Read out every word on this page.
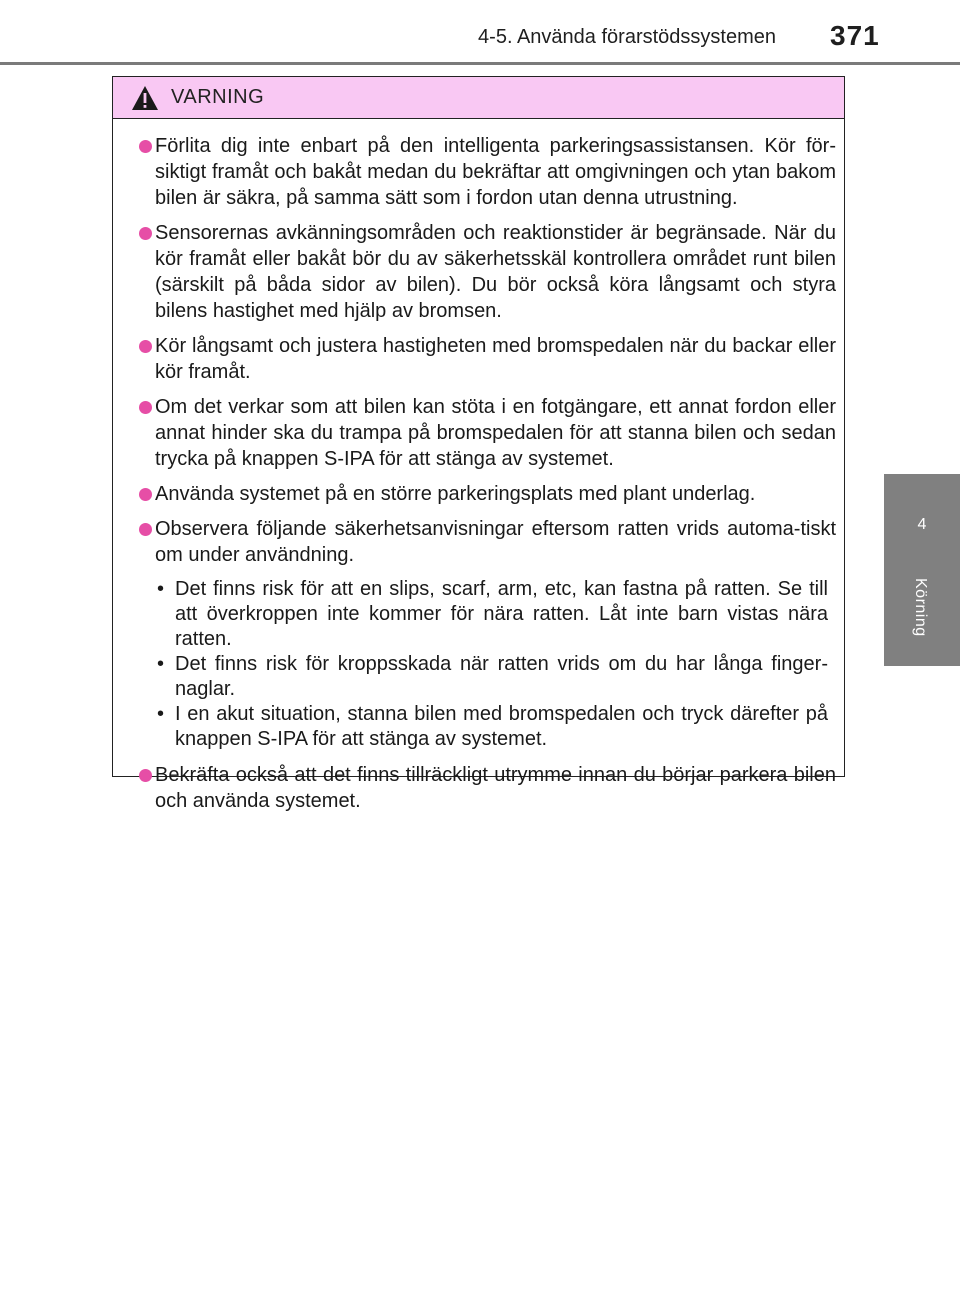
4-5. Använda förarstödssystemen 371
4
Körning
VARNING
Förlita dig inte enbart på den intelligenta parkeringsassistansen. Kör för-siktigt framåt och bakåt medan du bekräftar att omgivningen och ytan bakom bilen är säkra, på samma sätt som i fordon utan denna utrustning.
Sensorernas avkänningsområden och reaktionstider är begränsade. När du kör framåt eller bakåt bör du av säkerhetsskäl kontrollera området runt bilen (särskilt på båda sidor av bilen). Du bör också köra långsamt och styra bilens hastighet med hjälp av bromsen.
Kör långsamt och justera hastigheten med bromspedalen när du backar eller kör framåt.
Om det verkar som att bilen kan stöta i en fotgängare, ett annat fordon eller annat hinder ska du trampa på bromspedalen för att stanna bilen och sedan trycka på knappen S-IPA för att stänga av systemet.
Använda systemet på en större parkeringsplats med plant underlag.
Observera följande säkerhetsanvisningar eftersom ratten vrids automa-tiskt om under användning.
• Det finns risk för att en slips, scarf, arm, etc, kan fastna på ratten. Se till att överkroppen inte kommer för nära ratten. Låt inte barn vistas nära ratten.
• Det finns risk för kroppsskada när ratten vrids om du har långa finger-naglar.
• I en akut situation, stanna bilen med bromspedalen och tryck därefter på knappen S-IPA för att stänga av systemet.
Bekräfta också att det finns tillräckligt utrymme innan du börjar parkera bilen och använda systemet.
